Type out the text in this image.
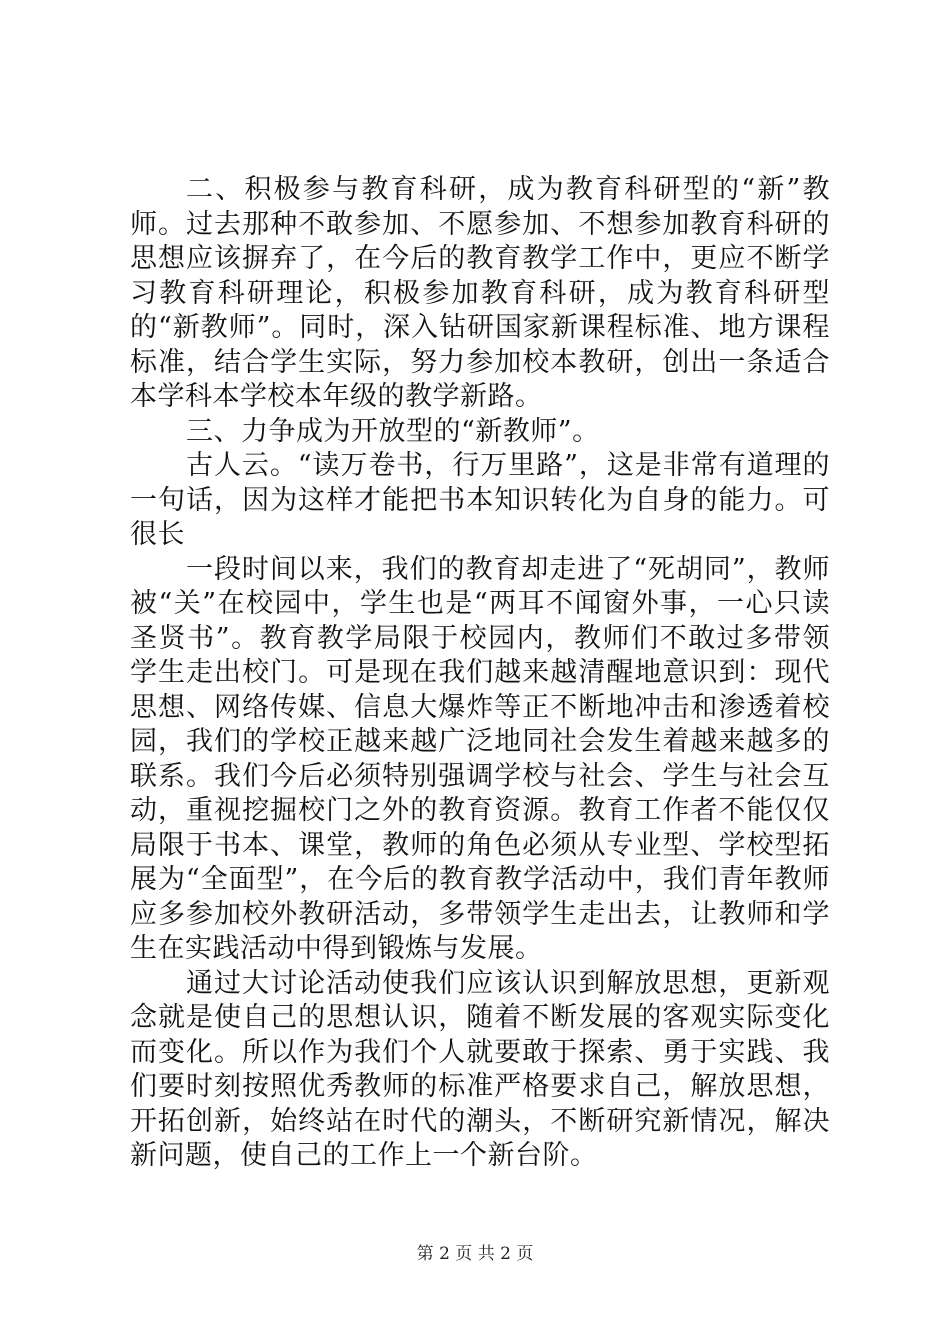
二、积极参与教育科研，成为教育科研型的“新”教师。过去那种不敢参加、不愿参加、不想参加教育科研的思想应该摒弃了，在今后的教育教学工作中，更应不断学习教育科研理论，积极参加教育科研，成为教育科研型的“新教师”。同时，深入钻研国家新课程标准、地方课程标准，结合学生实际，努力参加校本教研，创出一条适合本学科本学校本年级的教学新路。

三、力争成为开放型的“新教师”。

古人云。“读万卷书，行万里路”，这是非常有道理的一句话，因为这样才能把书本知识转化为自身的能力。可很长

一段时间以来，我们的教育却走进了“死胡同”，教师被“关”在校园中，学生也是“两耳不闻窗外事，一心只读圣贤书”。教育教学局限于校园内，教师们不敢过多带领学生走出校门。可是现在我们越来越清醒地意识到：现代思想、网络传媒、信息大爆炸等正不断地冲击和渗透着校园，我们的学校正越来越广泛地同社会发生着越来越多的联系。我们今后必须特别强调学校与社会、学生与社会互动，重视挖掘校门之外的教育资源。教育工作者不能仅仅局限于书本、课堂，教师的角色必须从专业型、学校型拓展为“全面型”，在今后的教育教学活动中，我们青年教师应多参加校外教研活动，多带领学生走出去，让教师和学生在实践活动中得到锻炼与发展。

通过大讨论活动使我们应该认识到解放思想，更新观念就是使自己的思想认识，随着不断发展的客观实际变化而变化。所以作为我们个人就要敢于探索、勇于实践、我们要时刻按照优秀教师的标准严格要求自己，解放思想，开拓创新，始终站在时代的潮头，不断研究新情况，解决新问题，使自己的工作上一个新台阶。

第 2 页 共 2 页
